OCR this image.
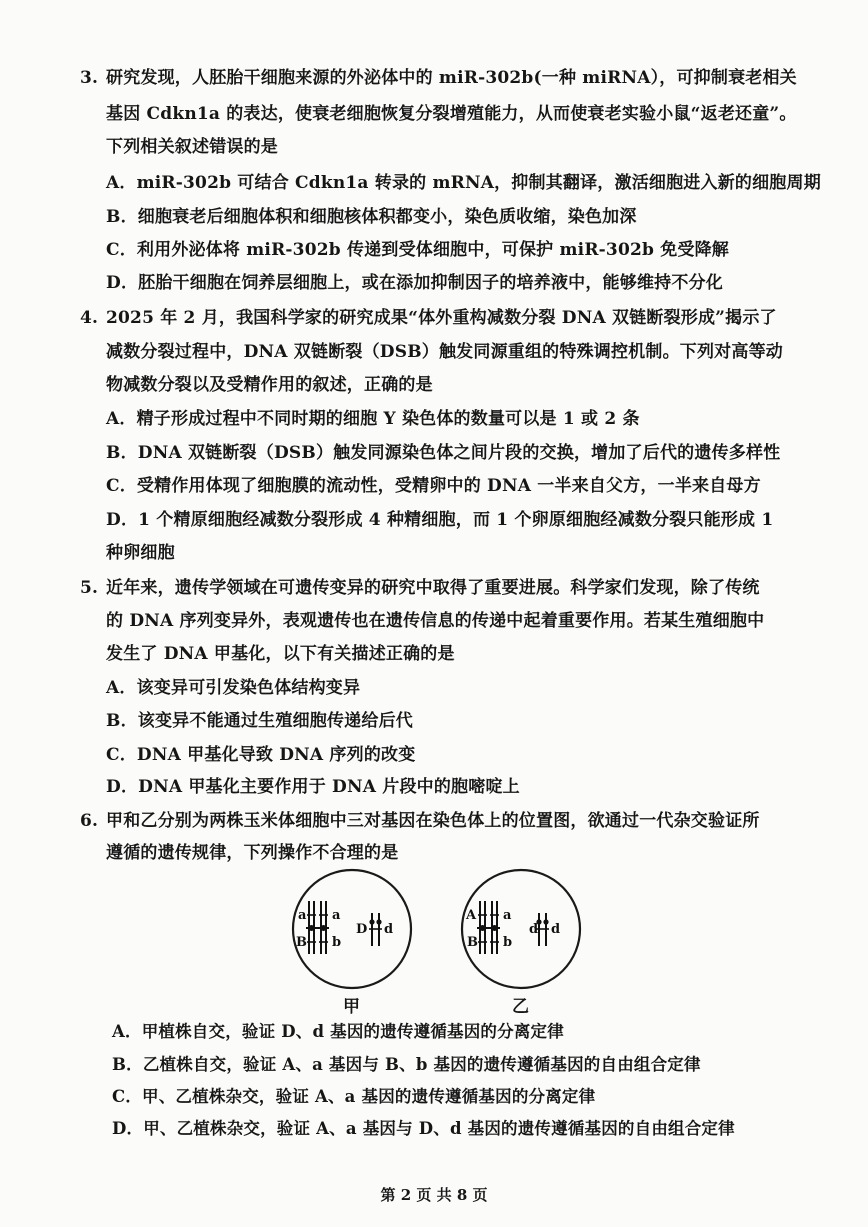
3. 研究发现，人胚胎干细胞来源的外泌体中的 miR-302b(一种 miRNA），可抑制衰老相关
基因 Cdkn1a 的表达，使衰老细胞恢复分裂增殖能力，从而使衰老实验小鼠“返老还童”。
下列相关叙述错误的是
A．miR-302b 可结合 Cdkn1a 转录的 mRNA，抑制其翻译，激活细胞进入新的细胞周期
B．细胞衰老后细胞体积和细胞核体积都变小，染色质收缩，染色加深
C．利用外泌体将 miR-302b 传递到受体细胞中，可保护 miR-302b 免受降解
D．胚胎干细胞在饲养层细胞上，或在添加抑制因子的培养液中，能够维持不分化
4. 2025 年 2 月，我国科学家的研究成果“体外重构减数分裂 DNA 双链断裂形成”揭示了
减数分裂过程中，DNA 双链断裂（DSB）触发同源重组的特殊调控机制。下列对高等动
物减数分裂以及受精作用的叙述，正确的是
A．精子形成过程中不同时期的细胞 Y 染色体的数量可以是 1 或 2 条
B．DNA 双链断裂（DSB）触发同源染色体之间片段的交换，增加了后代的遗传多样性
C．受精作用体现了细胞膜的流动性，受精卵中的 DNA 一半来自父方，一半来自母方
D．1 个精原细胞经减数分裂形成 4 种精细胞，而 1 个卵原细胞经减数分裂只能形成 1
种卵细胞
5. 近年来，遗传学领域在可遗传变异的研究中取得了重要进展。科学家们发现，除了传统
的 DNA 序列变异外，表观遗传也在遗传信息的传递中起着重要作用。若某生殖细胞中
发生了 DNA 甲基化，以下有关描述正确的是
A．该变异可引发染色体结构变异
B．该变异不能通过生殖细胞传递给后代
C．DNA 甲基化导致 DNA 序列的改变
D．DNA 甲基化主要作用于 DNA 片段中的胞嘧啶上
6. 甲和乙分别为两株玉米体细胞中三对基因在染色体上的位置图，欲通过一代杂交验证所
遵循的遗传规律，下列操作不合理的是
a a
B b
D d
A a
B b
d d
甲	乙
A．甲植株自交，验证 D、d 基因的遗传遵循基因的分离定律
B．乙植株自交，验证 A、a 基因与 B、b 基因的遗传遵循基因的自由组合定律
C．甲、乙植株杂交，验证 A、a 基因的遗传遵循基因的分离定律
D．甲、乙植株杂交，验证 A、a 基因与 D、d 基因的遗传遵循基因的自由组合定律
第 2 页 共 8 页
